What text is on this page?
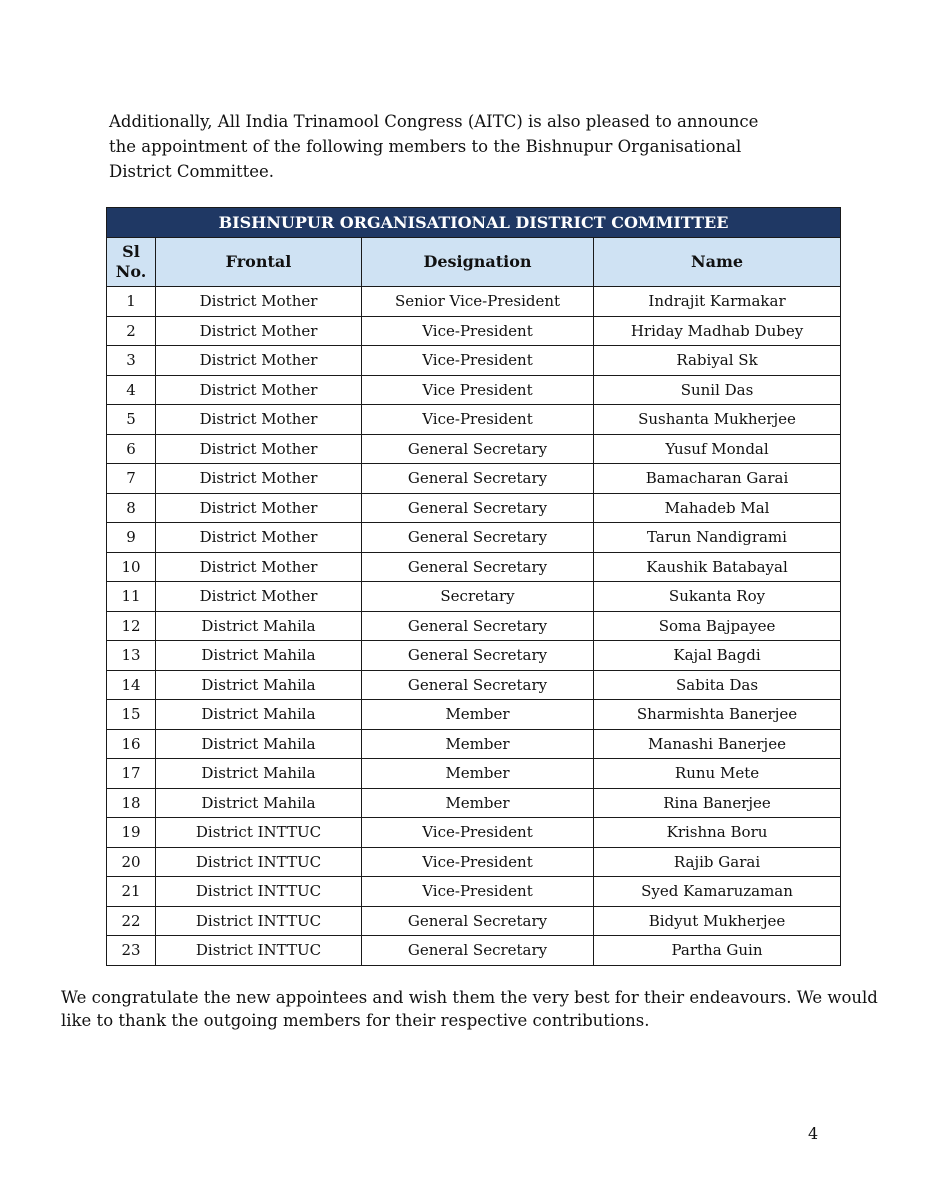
Additionally, All India Trinamool Congress (AITC) is also pleased to announce the appointment of the following members to the Bishnupur Organisational District Committee.

BISHNUPUR ORGANISATIONAL DISTRICT COMMITTEE			
Sl No.	Frontal	Designation	Name
1	District Mother	Senior Vice-President	Indrajit Karmakar
2	District Mother	Vice-President	Hriday Madhab Dubey
3	District Mother	Vice-President	Rabiyal Sk
4	District Mother	Vice President	Sunil Das
5	District Mother	Vice-President	Sushanta Mukherjee
6	District Mother	General Secretary	Yusuf Mondal
7	District Mother	General Secretary	Bamacharan Garai
8	District Mother	General Secretary	Mahadeb Mal
9	District Mother	General Secretary	Tarun Nandigrami
10	District Mother	General Secretary	Kaushik Batabayal
11	District Mother	Secretary	Sukanta Roy
12	District Mahila	General Secretary	Soma Bajpayee
13	District Mahila	General Secretary	Kajal Bagdi
14	District Mahila	General Secretary	Sabita Das
15	District Mahila	Member	Sharmishta Banerjee
16	District Mahila	Member	Manashi Banerjee
17	District Mahila	Member	Runu Mete
18	District Mahila	Member	Rina Banerjee
19	District INTTUC	Vice-President	Krishna Boru
20	District INTTUC	Vice-President	Rajib Garai
21	District INTTUC	Vice-President	Syed Kamaruzaman
22	District INTTUC	General Secretary	Bidyut Mukherjee
23	District INTTUC	General Secretary	Partha Guin

We congratulate the new appointees and wish them the very best for their endeavours. We would like to thank the outgoing members for their respective contributions.

4
